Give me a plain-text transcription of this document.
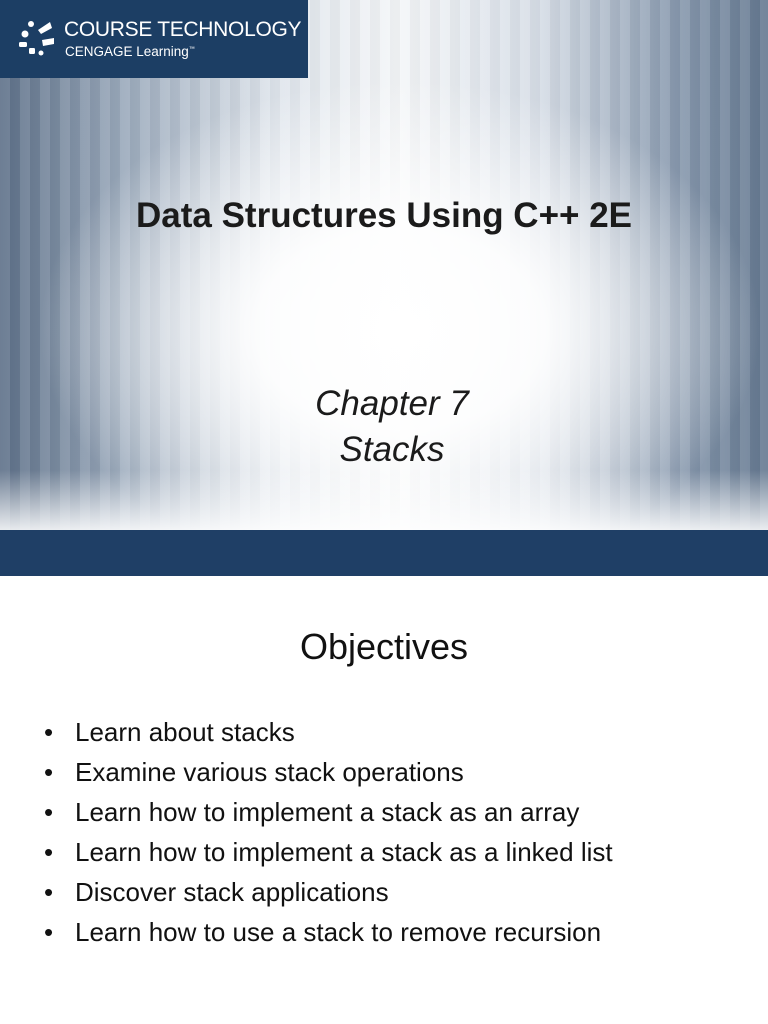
COURSE TECHNOLOGY
CENGAGE Learning™
Data Structures Using C++ 2E
Chapter 7
Stacks
Objectives
• Learn about stacks
• Examine various stack operations
• Learn how to implement a stack as an array
• Learn how to implement a stack as a linked list
• Discover stack applications
• Learn how to use a stack to remove recursion
